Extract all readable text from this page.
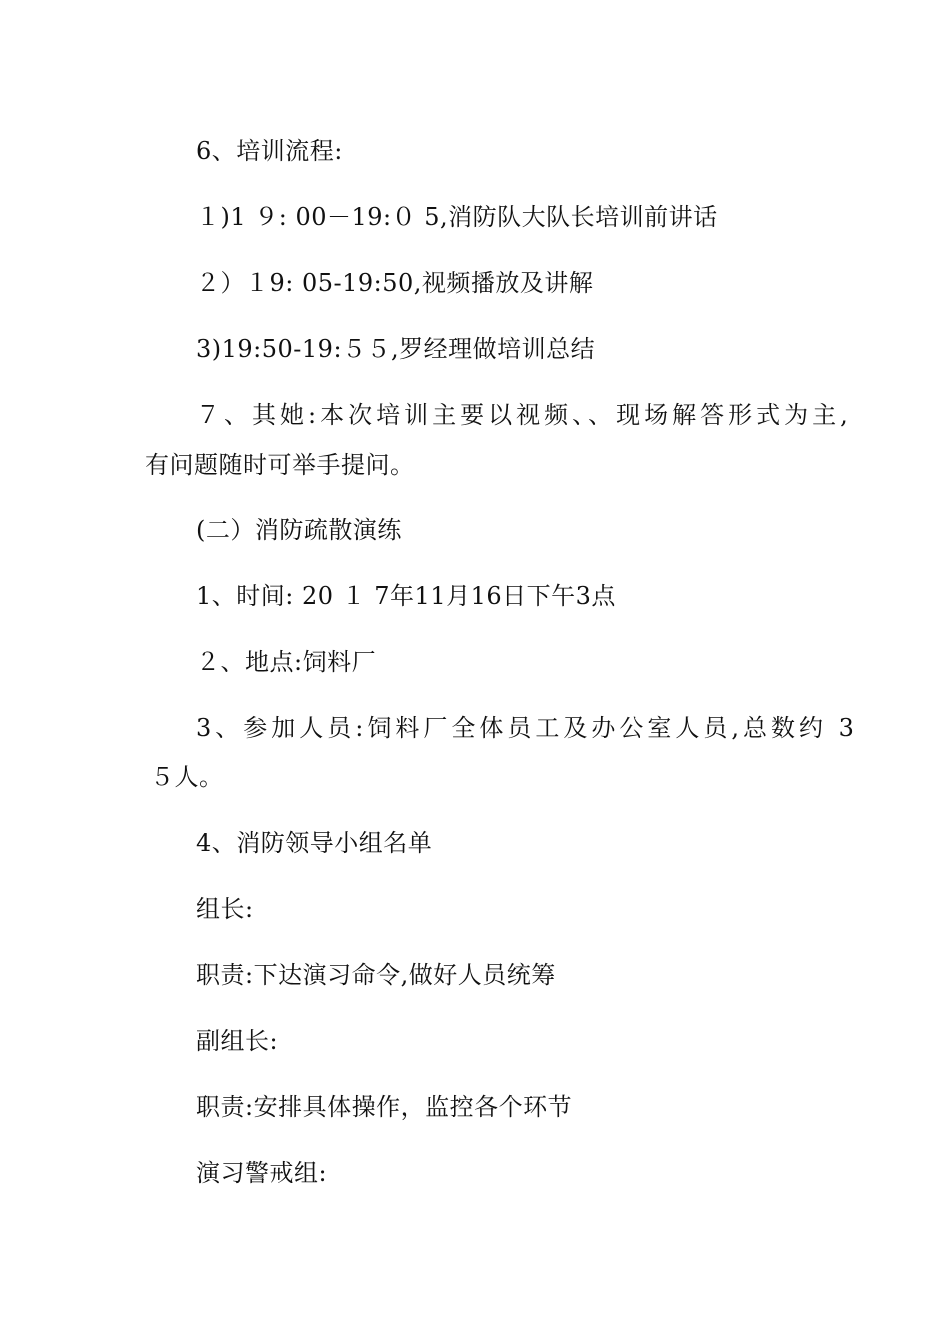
6、培训流程:
１)1 ９: 00－19:０ 5,消防队大队长培训前讲话
２）１9: 05-19:50,视频播放及讲解
3)19:50-19:５５,罗经理做培训总结
７、其她:本次培训主要以视频、、现场解答形式为主,
有问题随时可举手提问。
(二）消防疏散演练
1、时间: 20 １ 7年11月16日下午3点
２、地点:饲料厂
3、参加人员:饲料厂全体员工及办公室人员,总数约 3
５人。
4、消防领导小组名单
组长:
职责:下达演习命令,做好人员统筹
副组长:
职责:安排具体操作，监控各个环节
演习警戒组:
